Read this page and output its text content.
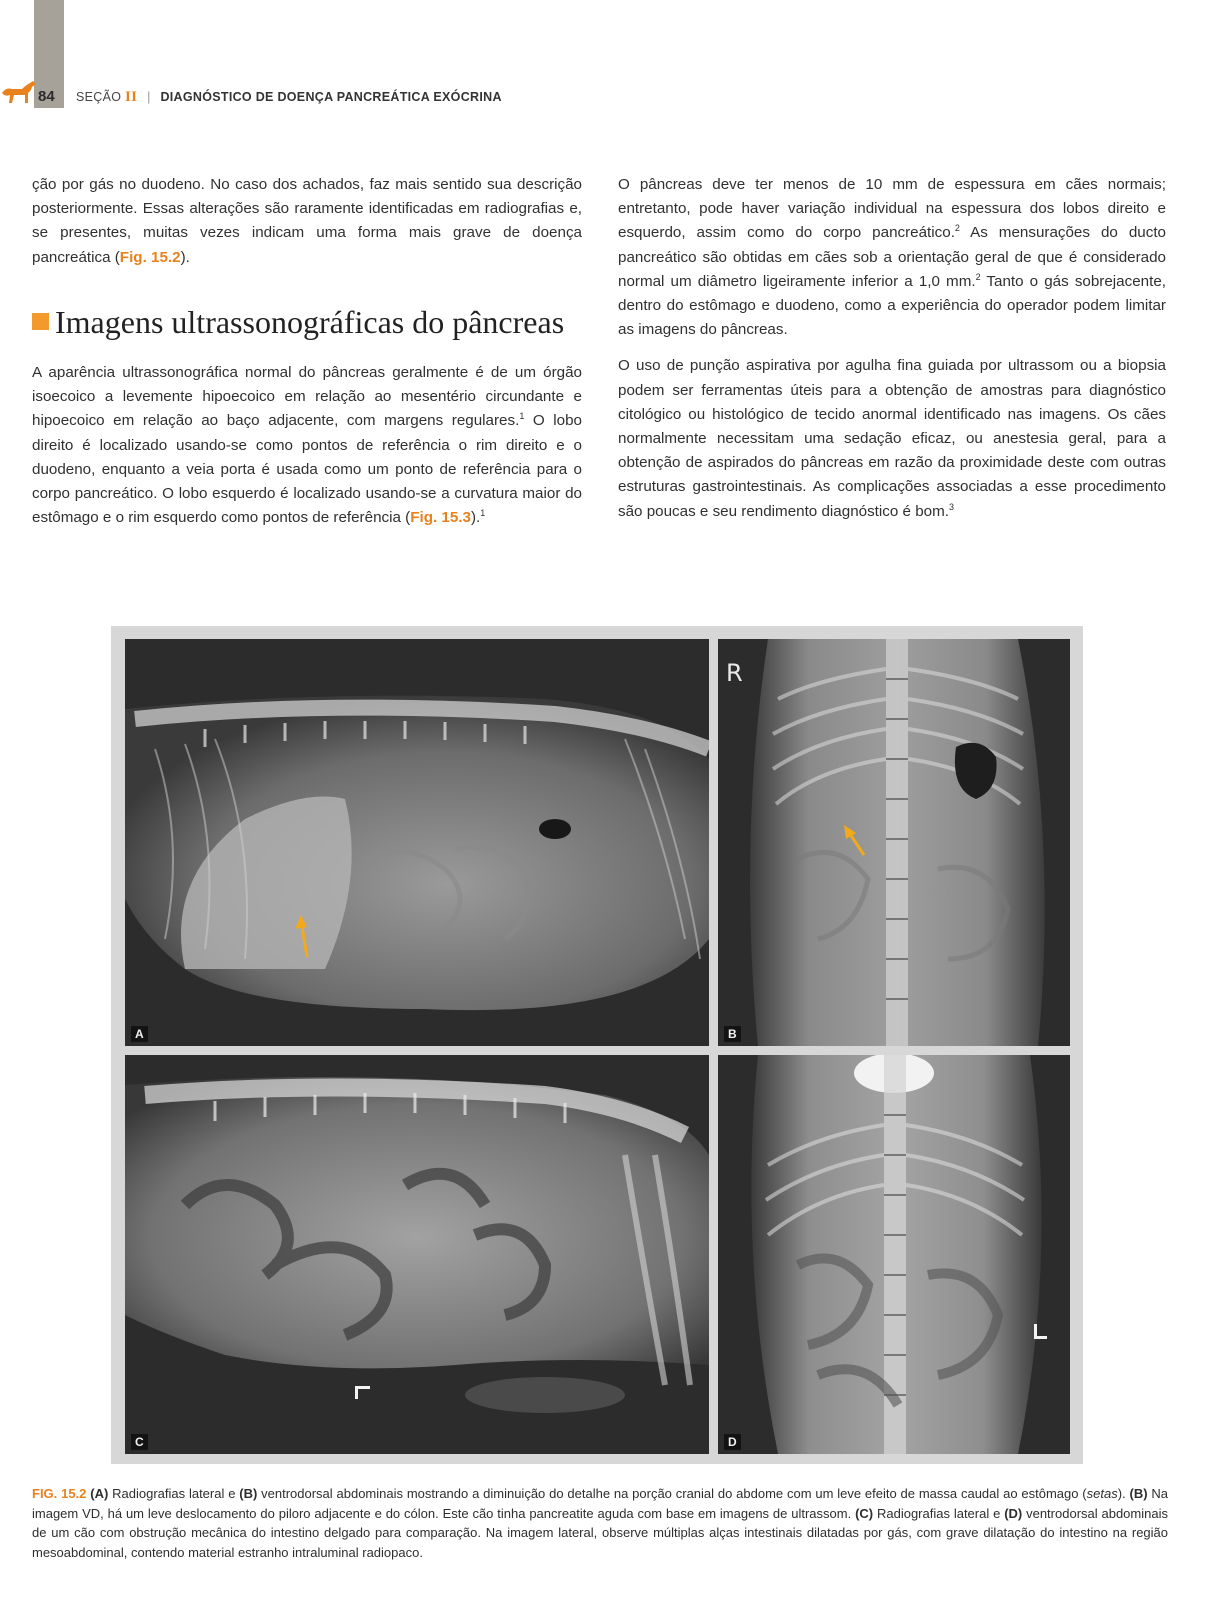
84 SEÇÃO II | DIAGNÓSTICO DE DOENÇA PANCREÁTICA EXÓCRINA

ção por gás no duodeno. No caso dos achados, faz mais sentido sua descrição posteriormente. Essas alterações são raramente identificadas em radiografias e, se presentes, muitas vezes indicam uma forma mais grave de doença pancreática (Fig. 15.2).

Imagens ultrassonográficas do pâncreas

A aparência ultrassonográfica normal do pâncreas geralmente é de um órgão isoecoico a levemente hipoecoico em relação ao mesentério circundante e hipoecoico em relação ao baço adjacente, com margens regulares.$^1$ O lobo direito é localizado usando-se como pontos de referência o rim direito e o duodeno, enquanto a veia porta é usada como um ponto de referência para o corpo pancreático. O lobo esquerdo é localizado usando-se a curvatura maior do estômago e o rim esquerdo como pontos de referência (Fig. 15.3).$^1$

O pâncreas deve ter menos de 10 mm de espessura em cães normais; entretanto, pode haver variação individual na espessura dos lobos direito e esquerdo, assim como do corpo pancreático.$^2$ As mensurações do ducto pancreático são obtidas em cães sob a orientação geral de que é considerado normal um diâmetro ligeiramente inferior a 1,0 mm.$^2$ Tanto o gás sobrejacente, dentro do estômago e duodeno, como a experiência do operador podem limitar as imagens do pâncreas.

O uso de punção aspirativa por agulha fina guiada por ultrassom ou a biopsia podem ser ferramentas úteis para a obtenção de amostras para diagnóstico citológico ou histológico de tecido anormal identificado nas imagens. Os cães normalmente necessitam uma sedação eficaz, ou anestesia geral, para a obtenção de aspirados do pâncreas em razão da proximidade deste com outras estruturas gastrointestinais. As complicações associadas a esse procedimento são poucas e seu rendimento diagnóstico é bom.$^3$

A
R
B
C	D
FIG. 15.2 (A) Radiografias lateral e (B) ventrodorsal abdominais mostrando a diminuição do detalhe na porção cranial do abdome com um leve efeito de massa caudal ao estômago (setas). (B) Na imagem VD, há um leve deslocamento do piloro adjacente e do cólon. Este cão tinha pancreatite aguda com base em imagens de ultrassom. (C) Radiografias lateral e (D) ventrodorsal abdominais de um cão com obstrução mecânica do intestino delgado para comparação. Na imagem lateral, observe múltiplas alças intestinais dilatadas por gás, com grave dilatação do intestino na região mesoabdominal, contendo material estranho intraluminal radiopaco.
